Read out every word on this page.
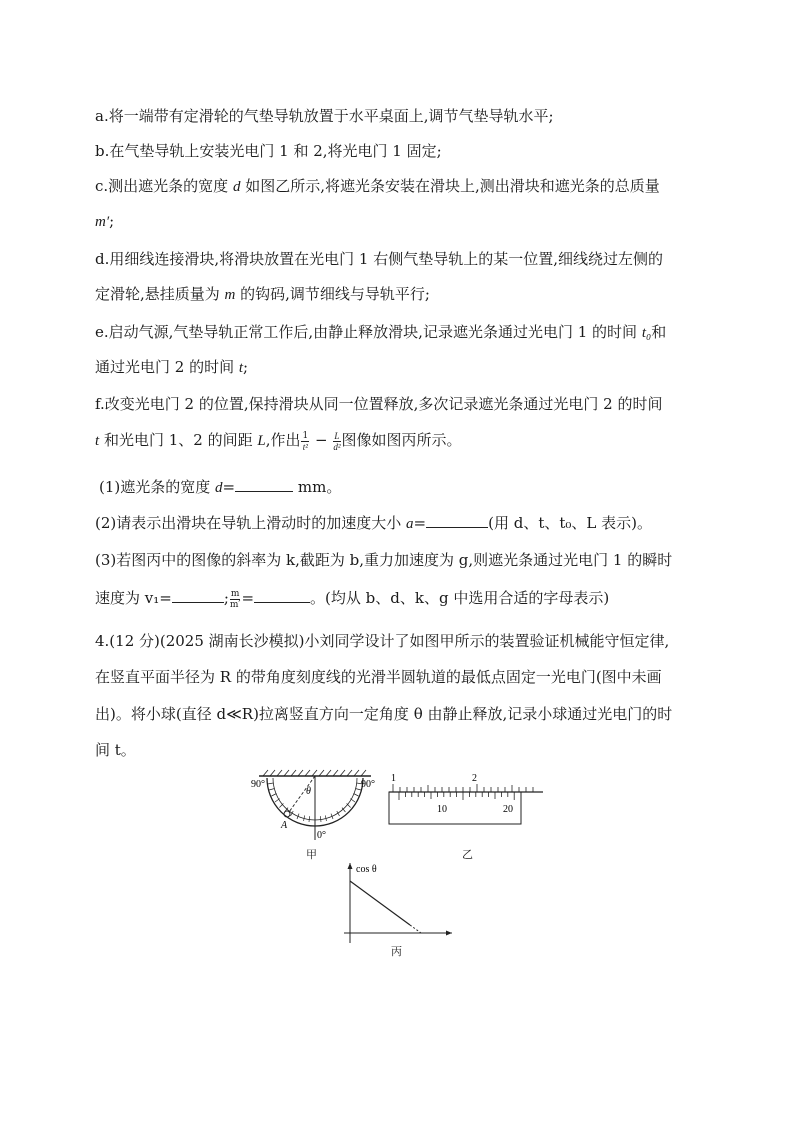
a.将一端带有定滑轮的气垫导轨放置于水平桌面上,调节气垫导轨水平;
b.在气垫导轨上安装光电门 1 和 2,将光电门 1 固定;
c.测出遮光条的宽度 d 如图乙所示,将遮光条安装在滑块上,测出滑块和遮光条的总质量
m′;
d.用细线连接滑块,将滑块放置在光电门 1 右侧气垫导轨上的某一位置,细线绕过左侧的
定滑轮,悬挂质量为 m 的钩码,调节细线与导轨平行;
e.启动气源,气垫导轨正常工作后,由静止释放滑块,记录遮光条通过光电门 1 的时间 t₀和
通过光电门 2 的时间 t;
f.改变光电门 2 的位置,保持滑块从同一位置释放,多次记录遮光条通过光电门 2 的时间
t 和光电门 1、2 的间距 L,作出 $\frac{1}{\text{t²}} - \frac{L}{\text{d²}}$ 图像如图丙所示。
(1)遮光条的宽度 d=	mm。
(2)请表示出滑块在导轨上滑动时的加速度大小 a=	(用 d、t、t₀、L 表示)。
(3)若图丙中的图像的斜率为 k,截距为 b,重力加速度为 g,则遮光条通过光电门 1 的瞬时
速度为 v₁=	; $\frac{m}{m'}$ =	。(均从 b、d、k、g 中选用合适的字母表示)
4.(12 分)(2025 湖南长沙模拟)小刘同学设计了如图甲所示的装置验证机械能守恒定律,
在竖直平面半径为 R 的带角度刻度线的光滑半圆轨道的最低点固定一光电门(图中未画
出)。将小球(直径 d≪R)拉离竖直方向一定角度 θ 由静止释放,记录小球通过光电门的时
间 t。
90°	90°
θ
A
0°
甲
1	2
10	20
乙
cos θ
丙
